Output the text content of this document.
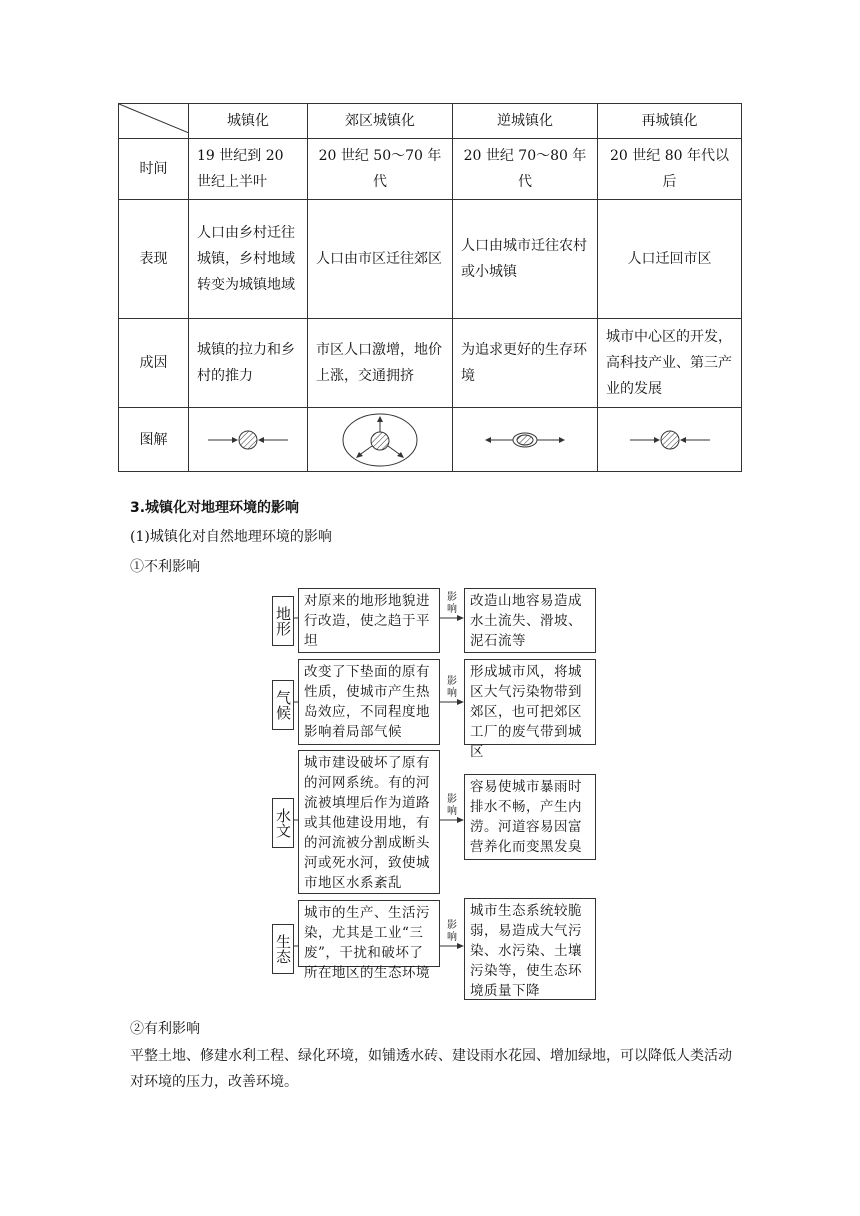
	城镇化	郊区城镇化	逆城镇化	再城镇化
时间	19 世纪到 20 世纪上半叶	20 世纪 50～70 年代	20 世纪 70～80 年代	20 世纪 80 年代以后
表现	人口由乡村迁往城镇，乡村地域转变为城镇地域	人口由市区迁往郊区	人口由城市迁往农村或小城镇	人口迁回市区
成因	城镇的拉力和乡村的推力	市区人口激增，地价上涨，交通拥挤	为追求更好的生存环境	城市中心区的开发，高科技产业、第三产业的发展
图解	

3.城镇化对地理环境的影响
(1)城镇化对自然地理环境的影响
①不利影响
地形
对原来的地形地貌进行改造，使之趋于平坦
改造山地容易造成水土流失、滑坡、泥石流等
气候
改变了下垫面的原有性质，使城市产生热岛效应，不同程度地影响着局部气候
形成城市风，将城区大气污染物带到郊区，也可把郊区工厂的废气带到城区
水文
城市建设破坏了原有的河网系统。有的河流被填埋后作为道路或其他建设用地，有的河流被分割成断头河或死水河，致使城市地区水系紊乱
容易使城市暴雨时排水不畅，产生内涝。河道容易因富营养化而变黑发臭
生态
城市的生产、生活污染，尤其是工业“三废”，干扰和破坏了所在地区的生态环境
城市生态系统较脆弱，易造成大气污染、水污染、土壤污染等，使生态环境质量下降
影
响
影
响
影
响
影
响
②有利影响
平整土地、修建水利工程、绿化环境，如铺透水砖、建设雨水花园、增加绿地，可以降低人类活动对环境的压力，改善环境。
